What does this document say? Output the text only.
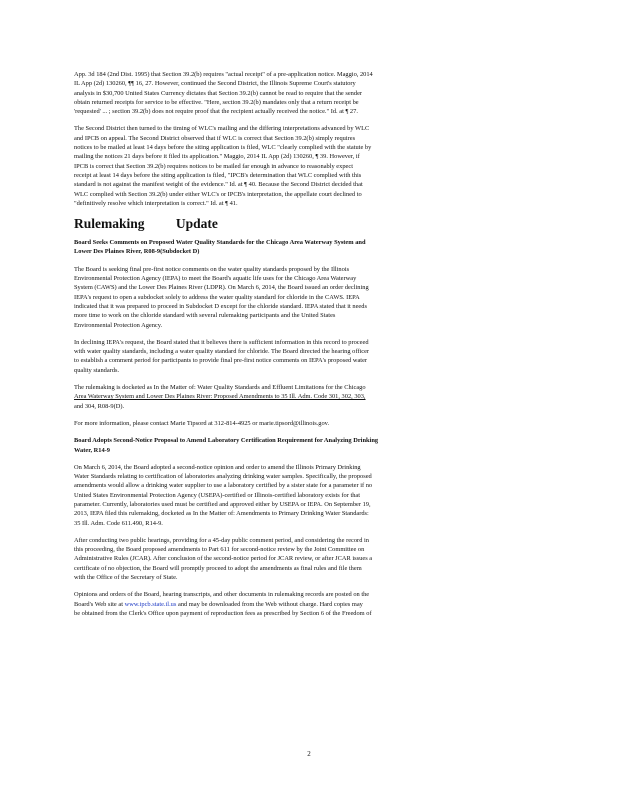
App. 3d 184 (2nd Dist. 1995) that Section 39.2(b) requires "actual receipt" of a pre-application notice. Maggio, 2014
IL App (2d) 130260, ¶¶ 16, 27. However, continued the Second District, the Illinois Supreme Court's statutory
analysis in $30,700 United States Currency dictates that Section 39.2(b) cannot be read to require that the sender
obtain returned receipts for service to be effective. "Here, section 39.2(b) mandates only that a return receipt be
'requested' ... ; section 39.2(b) does not require proof that the recipient actually received the notice." Id. at ¶ 27.
The Second District then turned to the timing of WLC's mailing and the differing interpretations advanced by WLC
and IPCB on appeal. The Second District observed that if WLC is correct that Section 39.2(b) simply requires
notices to be mailed at least 14 days before the siting application is filed, WLC "clearly complied with the statute by
mailing the notices 21 days before it filed its application." Maggio, 2014 IL App (2d) 130260, ¶ 39. However, if
IPCB is correct that Section 39.2(b) requires notices to be mailed far enough in advance to reasonably expect
receipt at least 14 days before the siting application is filed, "IPCB's determination that WLC complied with this
standard is not against the manifest weight of the evidence." Id. at ¶ 40. Because the Second District decided that
WLC complied with Section 39.2(b) under either WLC's or IPCB's interpretation, the appellate court declined to
"definitively resolve which interpretation is correct." Id. at ¶ 41.
Rulemaking Update
Board Seeks Comments on Proposed Water Quality Standards for the Chicago Area Waterway System and
Lower Des Plaines River, R08-9(Subdocket D)
The Board is seeking final pre-first notice comments on the water quality standards proposed by the Illinois
Environmental Protection Agency (IEPA) to meet the Board's aquatic life uses for the Chicago Area Waterway
System (CAWS) and the Lower Des Plaines River (LDPR). On March 6, 2014, the Board issued an order declining
IEPA's request to open a subdocket solely to address the water quality standard for chloride in the CAWS. IEPA
indicated that it was prepared to proceed in Subdocket D except for the chloride standard. IEPA stated that it needs
more time to work on the chloride standard with several rulemaking participants and the United States
Environmental Protection Agency.
In declining IEPA's request, the Board stated that it believes there is sufficient information in this record to proceed
with water quality standards, including a water quality standard for chloride. The Board directed the hearing officer
to establish a comment period for participants to provide final pre-first notice comments on IEPA's proposed water
quality standards.
The rulemaking is docketed as In the Matter of: Water Quality Standards and Effluent Limitations for the Chicago
Area Waterway System and Lower Des Plaines River: Proposed Amendments to 35 Ill. Adm. Code 301, 302, 303,
and 304, R08-9(D).
For more information, please contact Marie Tipsord at 312-814-4925 or marie.tipsord@illinois.gov.
Board Adopts Second-Notice Proposal to Amend Laboratory Certification Requirement for Analyzing Drinking
Water, R14-9
On March 6, 2014, the Board adopted a second-notice opinion and order to amend the Illinois Primary Drinking
Water Standards relating to certification of laboratories analyzing drinking water samples. Specifically, the proposed
amendments would allow a drinking water supplier to use a laboratory certified by a sister state for a parameter if no
United States Environmental Protection Agency (USEPA)-certified or Illinois-certified laboratory exists for that
parameter. Currently, laboratories used must be certified and approved either by USEPA or IEPA. On September 19,
2013, IEPA filed this rulemaking, docketed as In the Matter of: Amendments to Primary Drinking Water Standards:
35 Ill. Adm. Code 611.490, R14-9.
After conducting two public hearings, providing for a 45-day public comment period, and considering the record in
this proceeding, the Board proposed amendments to Part 611 for second-notice review by the Joint Committee on
Administrative Rules (JCAR). After conclusion of the second-notice period for JCAR review, or after JCAR issues a
certificate of no objection, the Board will promptly proceed to adopt the amendments as final rules and file them
with the Office of the Secretary of State.
Opinions and orders of the Board, hearing transcripts, and other documents in rulemaking records are posted on the
Board's Web site at www.ipcb.state.il.us and may be downloaded from the Web without charge. Hard copies may
be obtained from the Clerk's Office upon payment of reproduction fees as prescribed by Section 6 of the Freedom of
2
